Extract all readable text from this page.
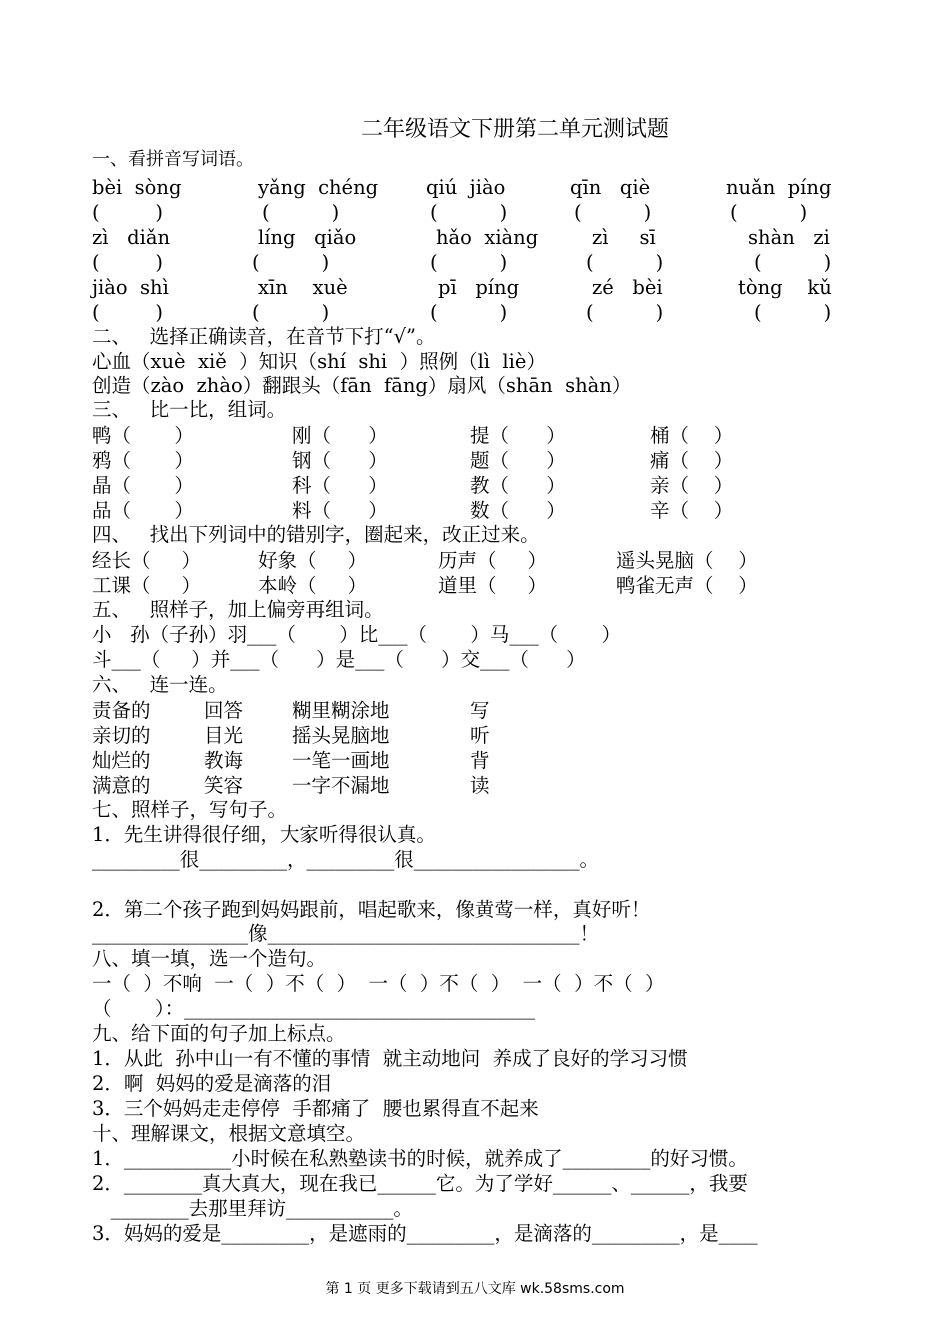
二年级语文下册第二单元测试题
一、看拼音写词语。
bèi  sòng	yǎng  chéng qiú  jiào	qīn   qiè	nuǎn  píng
(         )	(          )	(          )	(          )	(          )
zì   diǎn	líng   qiǎo	hǎo  xiàng	zì     sī	shàn   zi
(         )	(          )	(          )	(          )	(          )
jiào  shì	xīn    xuè	pī   píng	zé   bèi	tòng    kǔ
(         )	(          )	(          )	(          )	(          )
二、   选择正确读音，在音节下打“√”。
心血（xuè  xiě  ）知识（shí  shi  ）照例（lì  liè）
创造（zào  zhào）翻跟头（fān  fāng）扇风（shān  shàn）
三、   比一比，组词。
鸭（       ）	刚（      ）	提（      ）	桶（    ）
鸦（       ）	钢（      ）	题（      ）	痛（    ）
晶（       ）	科（      ）	教（      ）	亲（    ）
品（       ）	料（      ）	数（      ）	辛（    ）
四、   找出下列词中的错别字，圈起来，改正过来。
经长（     ）	好象（     ）	历声（     ）	遥头晃脑（    ）
工课（     ）	本岭（     ）	道里（     ）	鸭雀无声（    ）
五、   照样子，加上偏旁再组词。
小   孙（子孙）羽___（       ）比___（       ）马___（       ）
斗___（     ）并___（      ）是___（      ）交___（      ）
六、   连一连。
责备的	回答	糊里糊涂地	写
亲切的	目光	摇头晃脑地	听
灿烂的	教诲	一笔一画地	背
满意的	笑容	一字不漏地	读
七、照样子，写句子。
1．先生讲得很仔细，大家听得很认真。
_________很_________，_________很_________________。
2．第二个孩子跑到妈妈跟前，唱起歌来，像黄莺一样，真好听！
________________像________________________________！
八、填一填，选一个造句。
一（  ）不响  一（  ）不（  ）  一（  ）不（  ）  一（  ）不（  ）
（       ）：____________________________________
九、给下面的句子加上标点。
1．从此  孙中山一有不懂的事情  就主动地问  养成了良好的学习习惯
2．啊  妈妈的爱是滴落的泪
3．三个妈妈走走停停  手都痛了  腰也累得直不起来
十、理解课文，根据文意填空。
1．___________小时候在私熟塾读书的时候，就养成了_________的好习惯。
2．________真大真大，现在我已______它。为了学好______、______，我要
________去那里拜访___________。
3．妈妈的爱是_________，是遮雨的_________，是滴落的_________，是____
第 1 页 更多下载请到五八文库 wk.58sms.com
